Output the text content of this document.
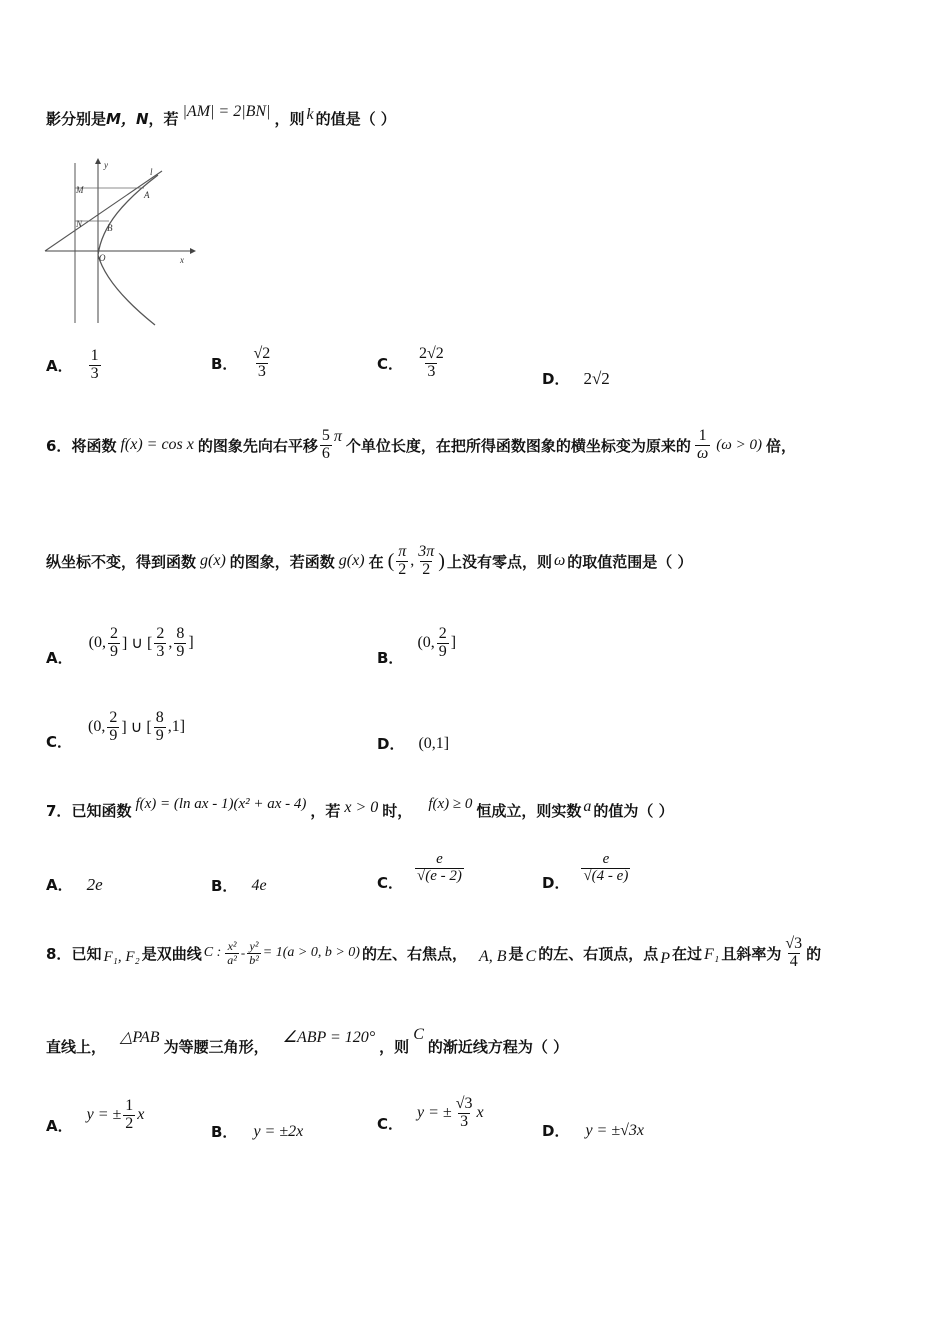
影分别是 M，N ，若 |AM| = 2|BN| ，则 k 的值是（ ）
y
x
O
M
N
A
B
l
A． $\frac{1}{3}$	B． $\frac{√2}{3}$	C． $\frac{2√2}{3}$	D． 2√2
6． 将函数 f(x) = cos x 的图象先向右平移 $\frac{5}{6}$ π 个单位长度，在把所得函数图象的横坐标变为原来的 $\frac{1}{\omega} (\omega > 0)$ 倍，
纵坐标不变，得到函数 g(x) 的图象，若函数 g(x) 在 ( $\frac{\pi}{2}$ , $\frac{3\pi}{2}$ ) 上没有零点，则 ω 的取值范围是（ ）
A．
(0, $\frac{2}{9}$ ] ∪ [ $\frac{2}{3}$ , $\frac{8}{9}$ ]
B．
(0, $\frac{2}{9}$ ]
C．
(0, $\frac{2}{9}$ ] ∪ [ $\frac{8}{9} ,1$]
D． (0,1]
7． 已知函数 f(x) = (ln ax - 1)(x² + ax - 4) ，若 x > 0 时， f(x) ≥ 0 恒成立，则实数 a 的值为（ ）
A． 2e	B． 4e	C． $\frac{e}{√(e - 2)}$	D． $\frac{e}{√(4 - e)}$
8． 已知 F₁, F₂ 是双曲线 C : $\frac{\text{x²}}{\text{a²}} - \frac{\text{y²}}{\text{b²}} = 1(a > 0$, b > 0) 的左、右焦点， A, B 是 C 的左、右顶点，点 P 在过 F₁ 且斜率为 $\frac{√3}{4}$ 的
直线上，
△PAB
为等腰三角形，
∠ABP = 120°
，则
C
的渐近线方程为（ ）
A．
y = ± $\frac{1}{2}$ x
B． y = ±2x	C．
y = ± $\frac{√3}{3}$ x
D． y = ±√3x
